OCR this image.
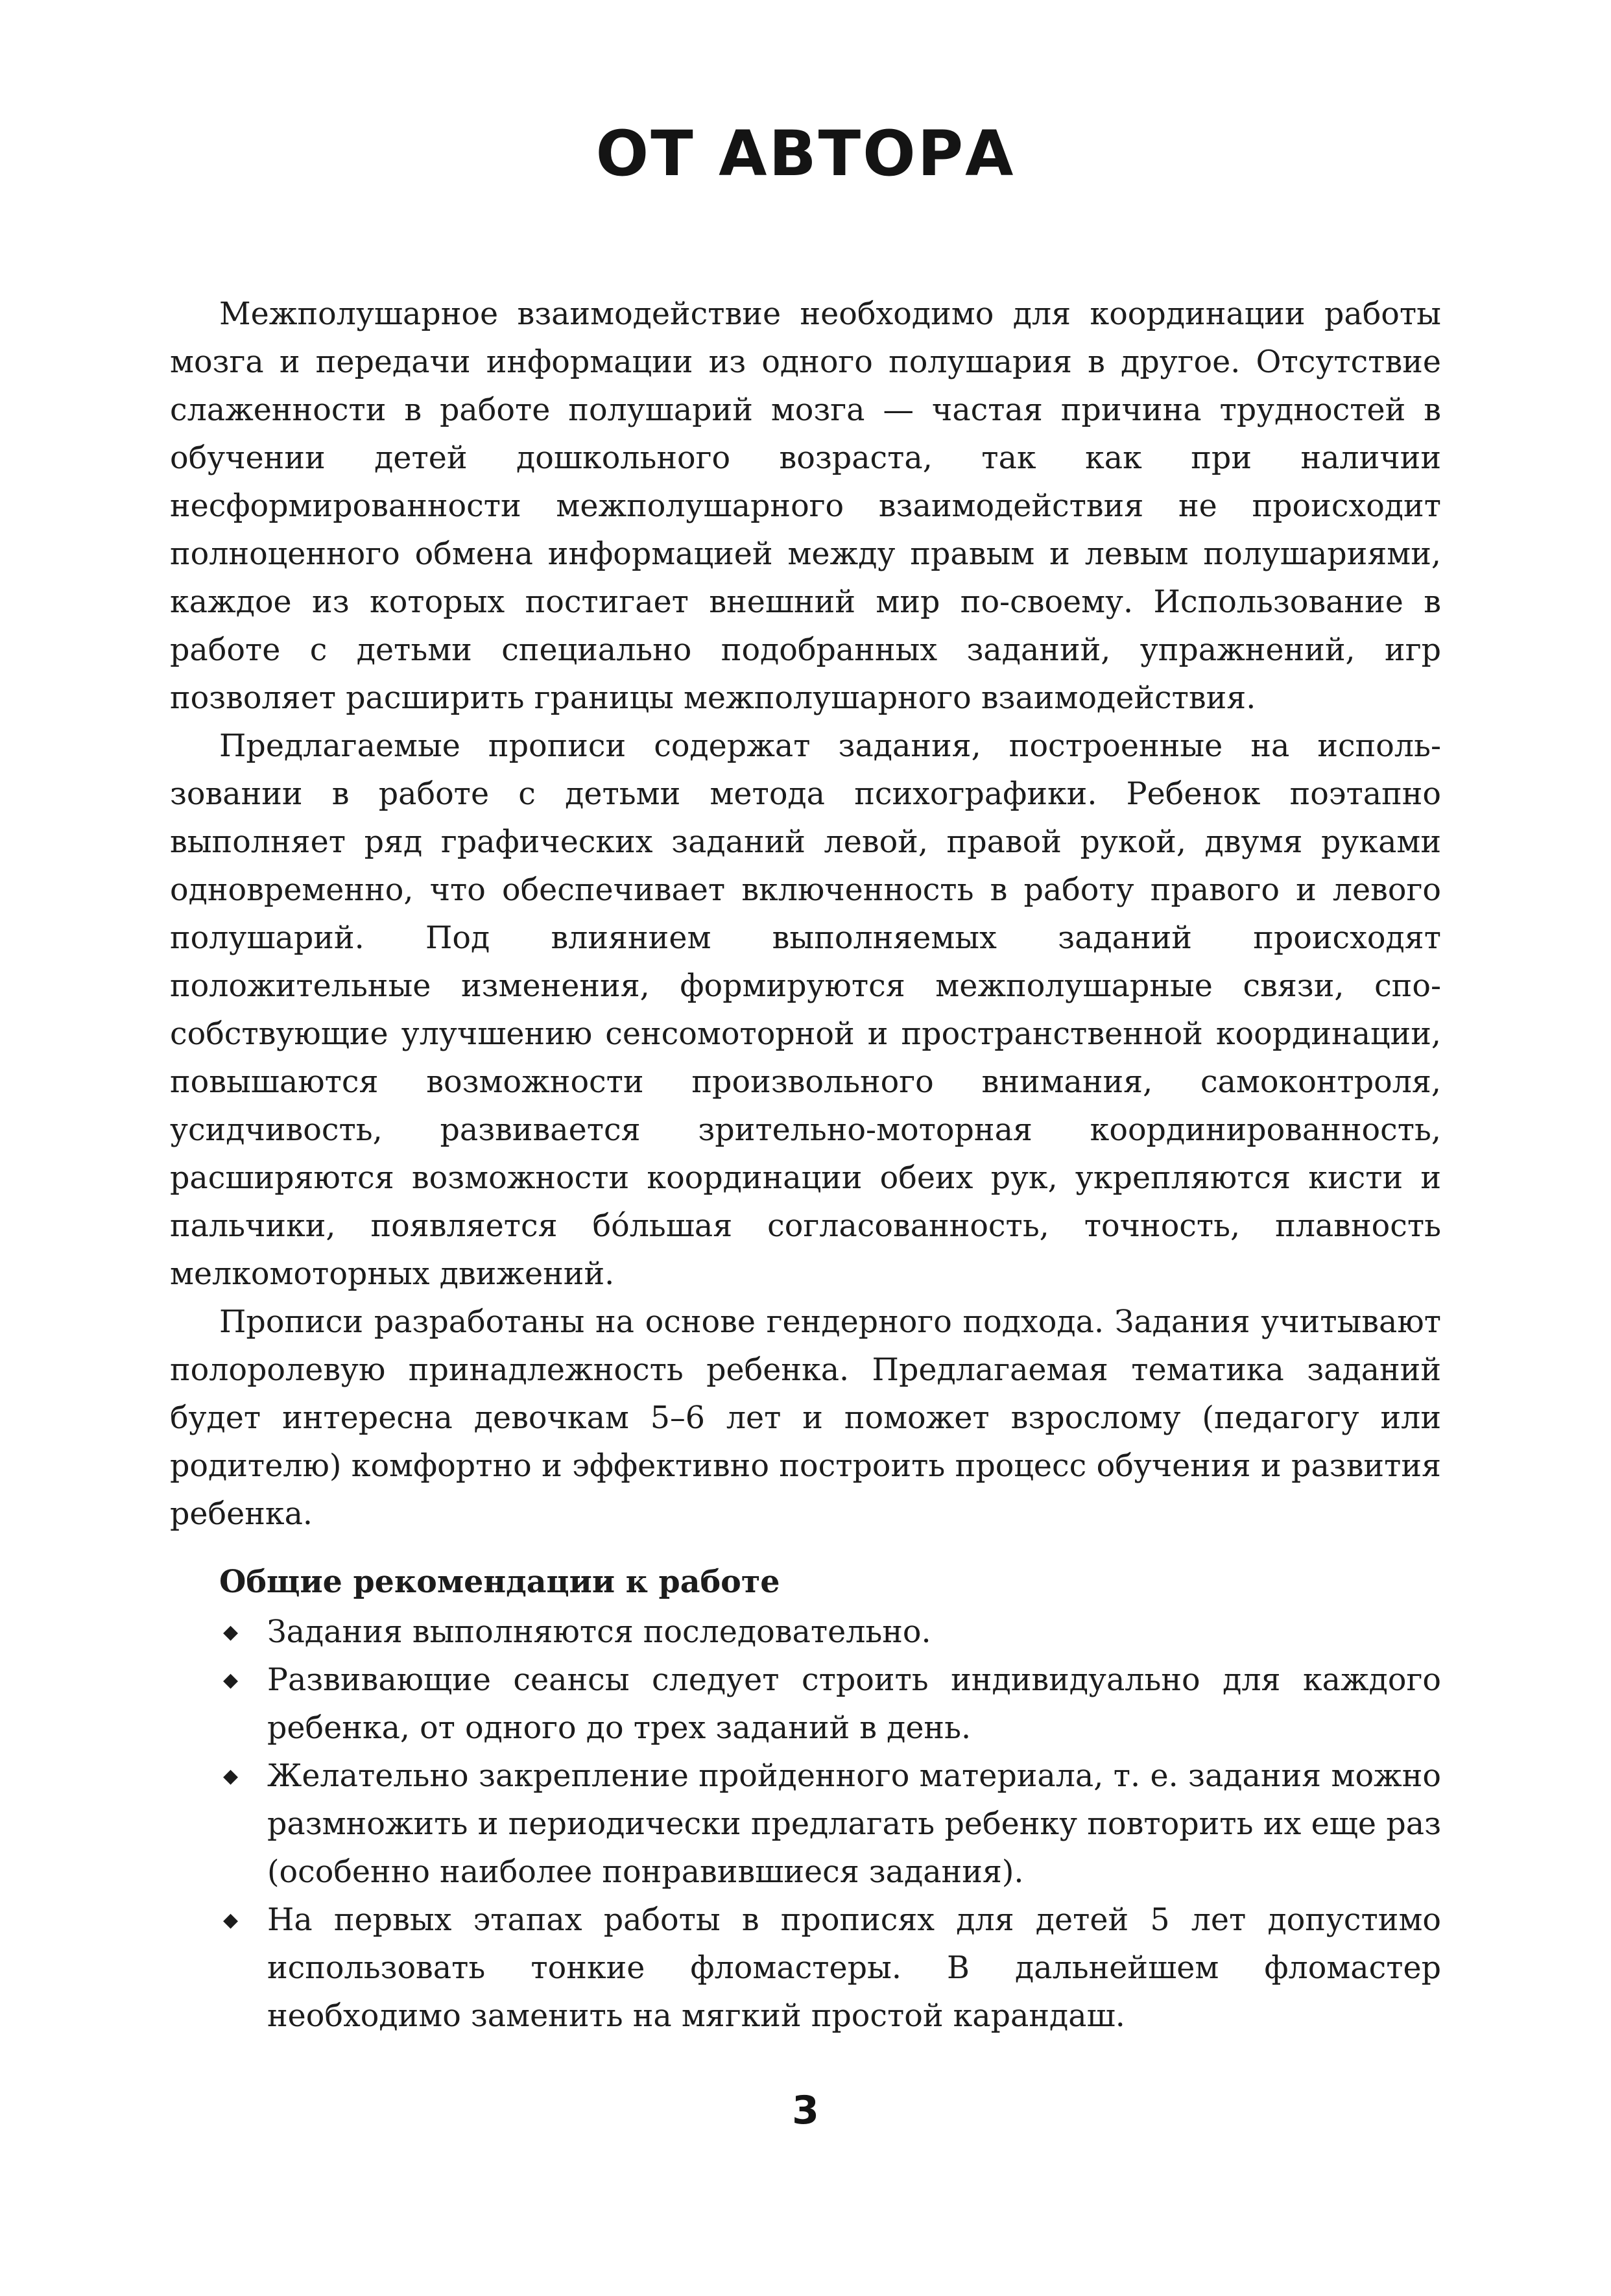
ОТ АВТОРА

Межполушарное взаимодействие необходимо для координации работы мозга и передачи информации из одного полушария в другое. Отсутствие слаженности в работе полушарий мозга — частая причина трудностей в обучении детей дошкольного возраста, так как при наличии несформированности межполушарного взаимодействия не происходит полноценного обмена информацией между правым и левым полушариями, каждое из которых постигает внешний мир по-своему. Использование в работе с детьми специально подобранных заданий, упражнений, игр позволяет расширить границы межполушарного взаимодействия.

Предлагаемые прописи содержат задания, построенные на использовании в работе с детьми метода психографики. Ребенок поэтапно выполняет ряд графических заданий левой, правой рукой, двумя руками одновременно, что обеспечивает включенность в работу правого и левого полушарий. Под влиянием выполняемых заданий происходят положительные изменения, формируются межполушарные связи, способствующие улучшению сенсомоторной и пространственной координации, повышаются возможности произвольного внимания, самоконтроля, усидчивость, развивается зрительно-моторная координированность, расширяются возможности координации обеих рук, укрепляются кисти и пальчики, появляется бóльшая согласованность, точность, плавность мелкомоторных движений.

Прописи разработаны на основе гендерного подхода. Задания учитывают полоролевую принадлежность ребенка. Предлагаемая тематика заданий будет интересна девочкам 5–6 лет и поможет взрослому (педагогу или родителю) комфортно и эффективно построить процесс обучения и развития ребенка.

Общие рекомендации к работе
◆ Задания выполняются последовательно.
◆ Развивающие сеансы следует строить индивидуально для каждого ребенка, от одного до трех заданий в день.
◆ Желательно закрепление пройденного материала, т. е. задания можно размножить и периодически предлагать ребенку повторить их еще раз (особенно наиболее понравившиеся задания).
◆ На первых этапах работы в прописях для детей 5 лет допустимо использовать тонкие фломастеры. В дальнейшем фломастер необходимо заменить на мягкий простой карандаш.
3
